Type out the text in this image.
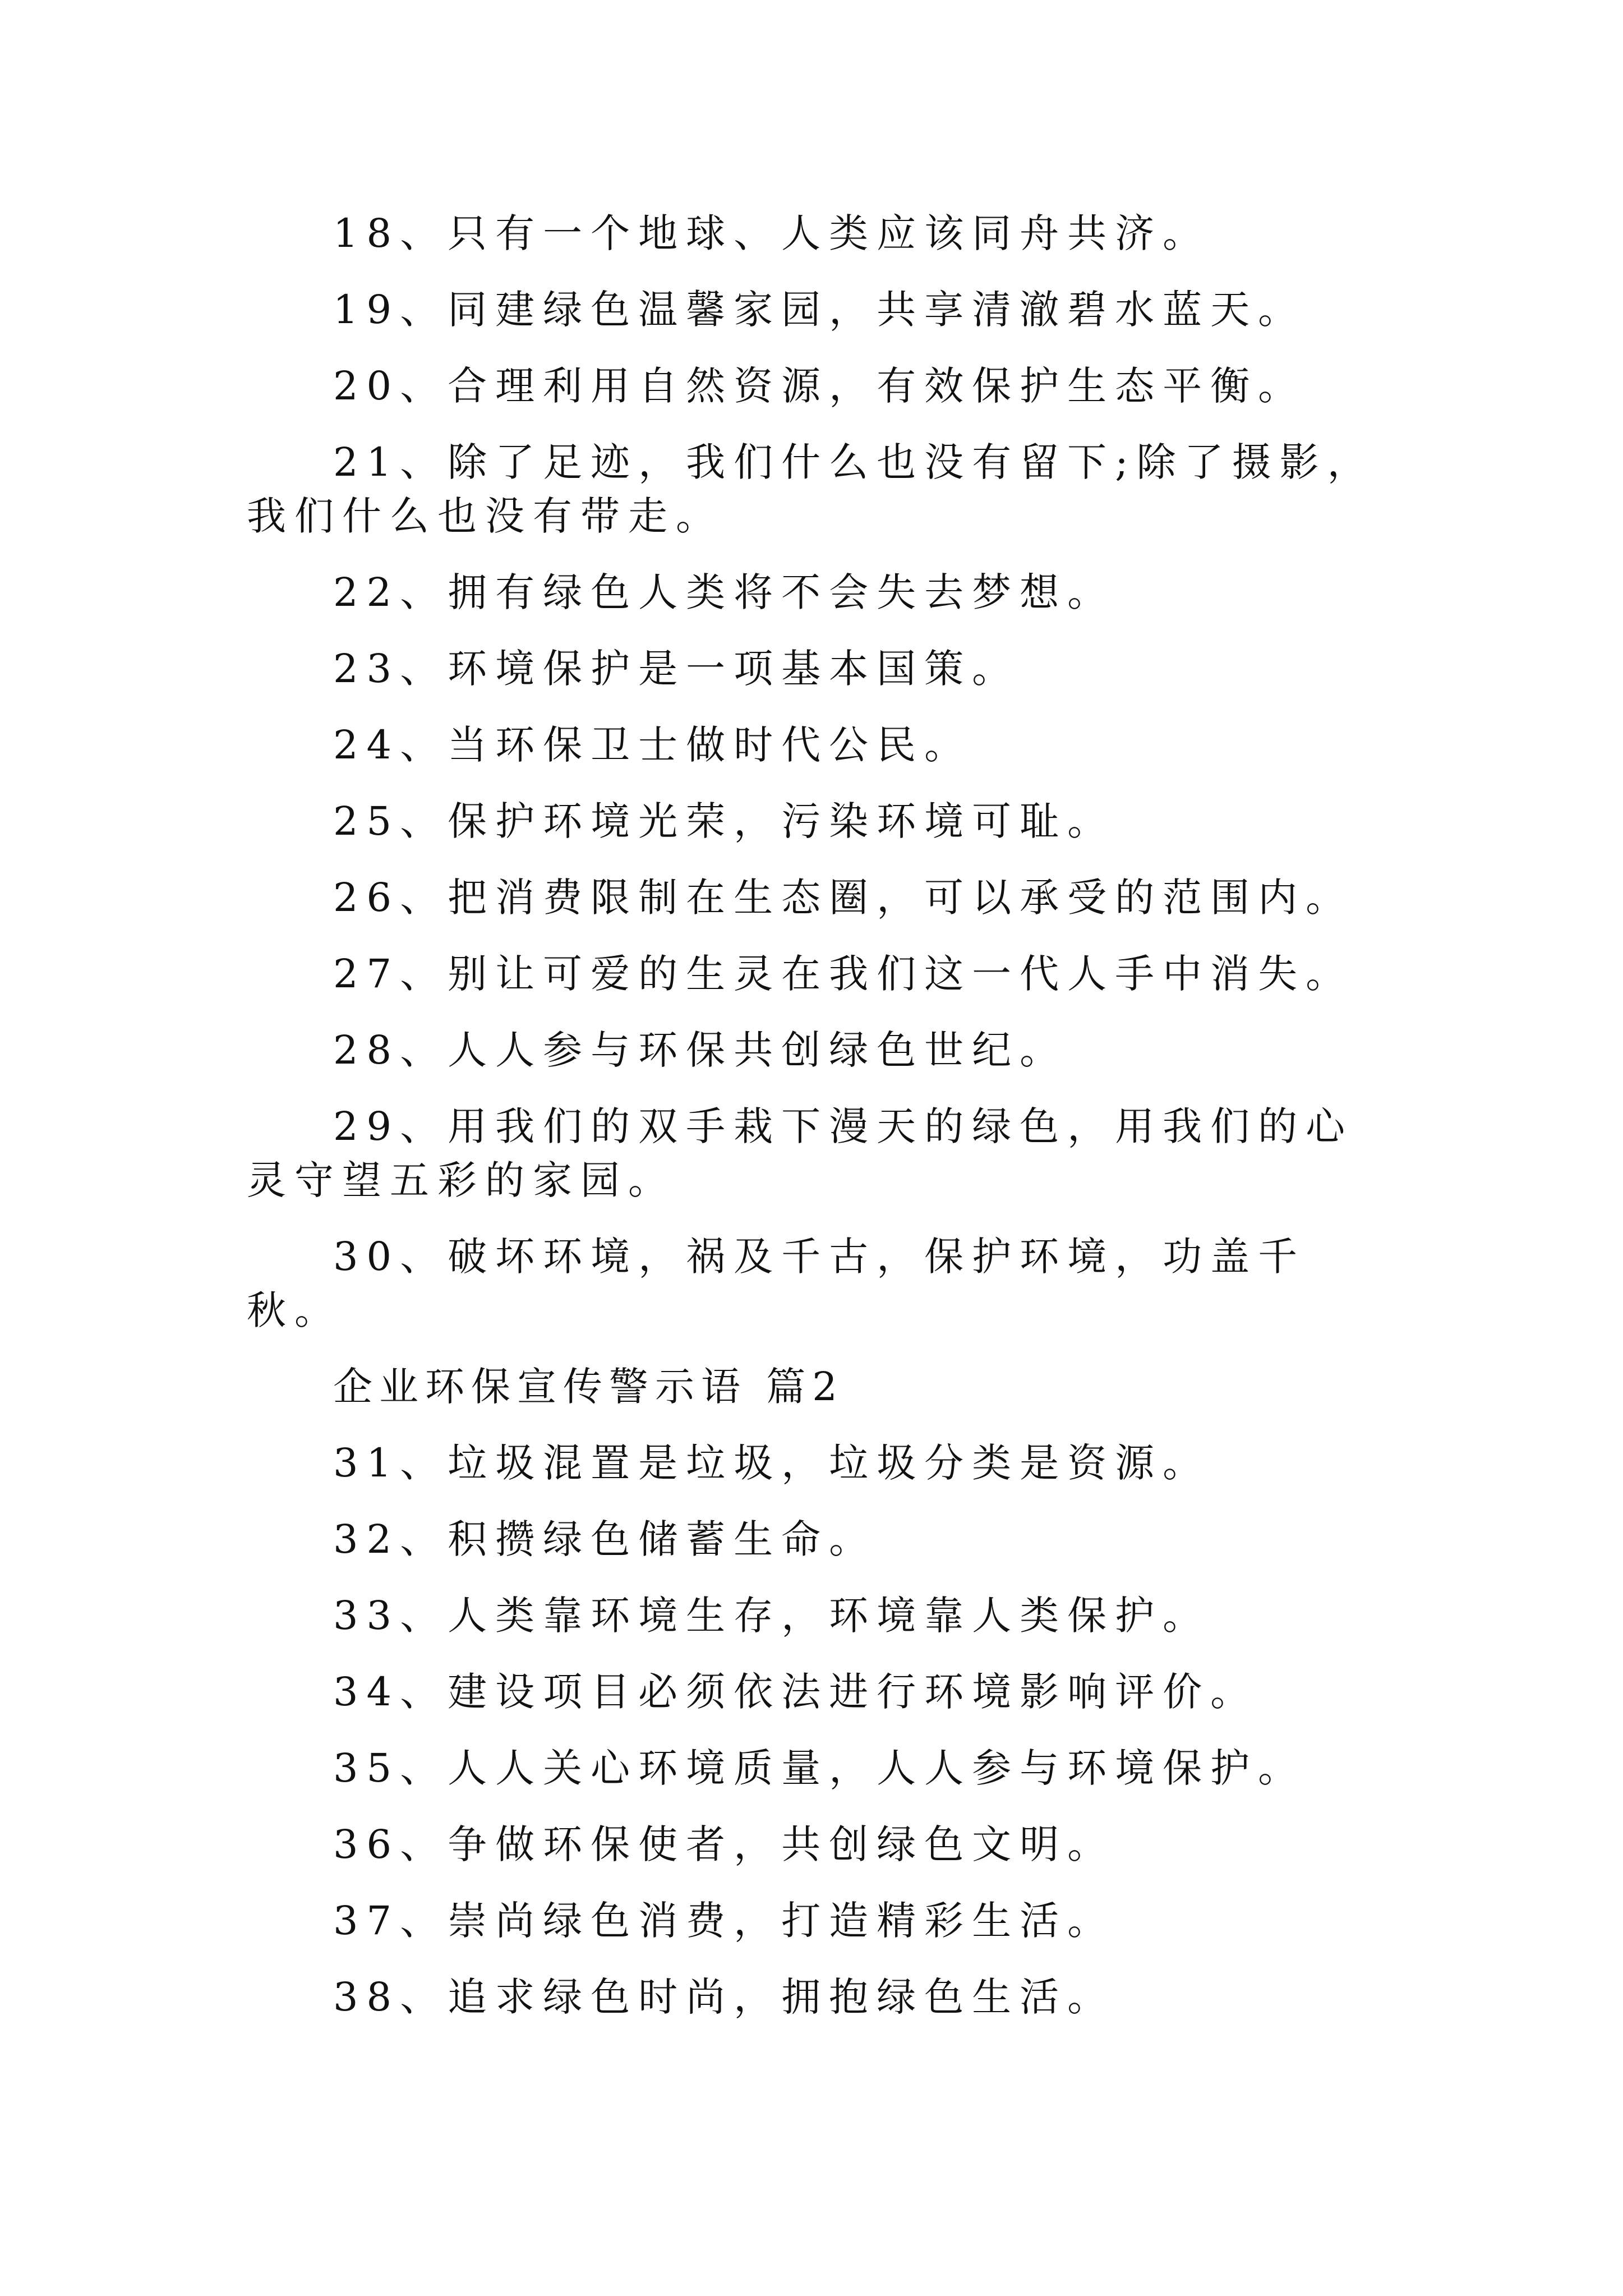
18、只有一个地球、人类应该同舟共济。

19、同建绿色温馨家园，共享清澈碧水蓝天。

20、合理利用自然资源，有效保护生态平衡。

21、除了足迹，我们什么也没有留下;除了摄影，我们什么也没有带走。

22、拥有绿色人类将不会失去梦想。

23、环境保护是一项基本国策。

24、当环保卫士做时代公民。

25、保护环境光荣，污染环境可耻。

26、把消费限制在生态圈，可以承受的范围内。

27、别让可爱的生灵在我们这一代人手中消失。

28、人人参与环保共创绿色世纪。

29、用我们的双手栽下漫天的绿色，用我们的心灵守望五彩的家园。

30、破坏环境，祸及千古，保护环境，功盖千秋。

企业环保宣传警示语 篇2

31、垃圾混置是垃圾，垃圾分类是资源。

32、积攒绿色储蓄生命。

33、人类靠环境生存，环境靠人类保护。

34、建设项目必须依法进行环境影响评价。

35、人人关心环境质量，人人参与环境保护。

36、争做环保使者，共创绿色文明。

37、崇尚绿色消费，打造精彩生活。

38、追求绿色时尚，拥抱绿色生活。
